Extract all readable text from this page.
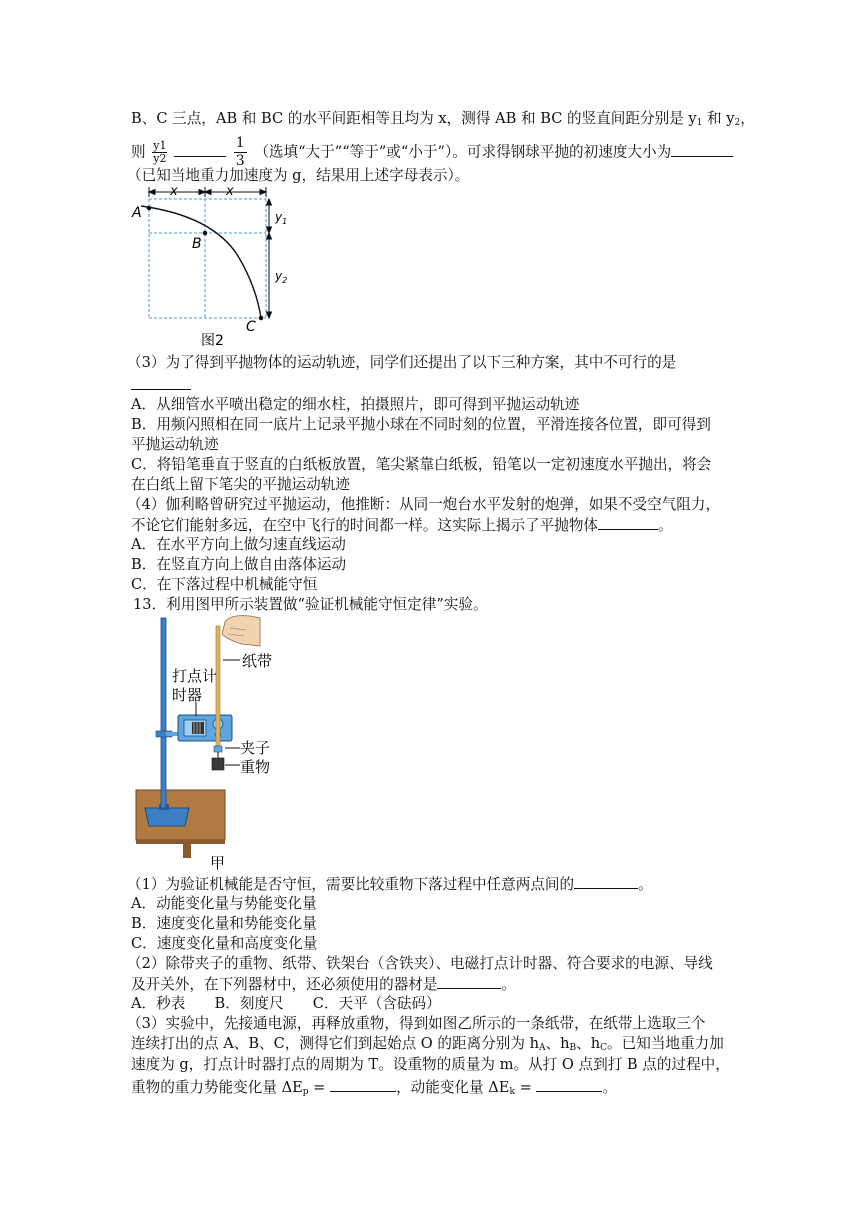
B、C 三点，AB 和 BC 的水平间距相等且均为 x，测得 AB 和 BC 的竖直间距分别是 $y_1$ 和 $y_2$，
则 $\frac{y1}{y2}$
	$\frac{1}{3}$ （选填“大于”“等于”或“小于”）。可求得钢球平抛的初速度大小为
（已知当地重力加速度为 g，结果用上述字母表示）。
x	x
$y_1$
$y_2$
A
B
C
图2
（3）为了得到平抛物体的运动轨迹，同学们还提出了以下三种方案，其中不可行的是
A．从细管水平喷出稳定的细水柱，拍摄照片，即可得到平抛运动轨迹
B．用频闪照相在同一底片上记录平抛小球在不同时刻的位置，平滑连接各位置，即可得到
平抛运动轨迹
C．将铅笔垂直于竖直的白纸板放置，笔尖紧靠白纸板，铅笔以一定初速度水平抛出，将会
在白纸上留下笔尖的平抛运动轨迹
（4）伽利略曾研究过平抛运动，他推断：从同一炮台水平发射的炮弹，如果不受空气阻力，
不论它们能射多远，在空中飞行的时间都一样。这实际上揭示了平抛物体	。
A．在水平方向上做匀速直线运动
B．在竖直方向上做自由落体运动
C．在下落过程中机械能守恒
13．利用图甲所示装置做“验证机械能守恒定律”实验。
打点计
时器
纸带
夹子
重物
甲
（1）为验证机械能是否守恒，需要比较重物下落过程中任意两点间的	。
A．动能变化量与势能变化量
B．速度变化量和势能变化量
C．速度变化量和高度变化量
（2）除带夹子的重物、纸带、铁架台（含铁夹）、电磁打点计时器、符合要求的电源、导线
及开关外，在下列器材中，还必须使用的器材是	。
A．秒表　　B．刻度尺　　C．天平（含砝码）
（3）实验中，先接通电源，再释放重物，得到如图乙所示的一条纸带，在纸带上选取三个
连续打出的点 A、B、C，测得它们到起始点 O 的距离分别为 $h_A$、$h_B$、$h_C$。已知当地重力加
速度为 g，打点计时器打点的周期为 T。设重物的质量为 m。从打 O 点到打 B 点的过程中，
重物的重力势能变化量 $\Delta E_p$ =	，动能变化量 $\Delta E_k$ =	。
